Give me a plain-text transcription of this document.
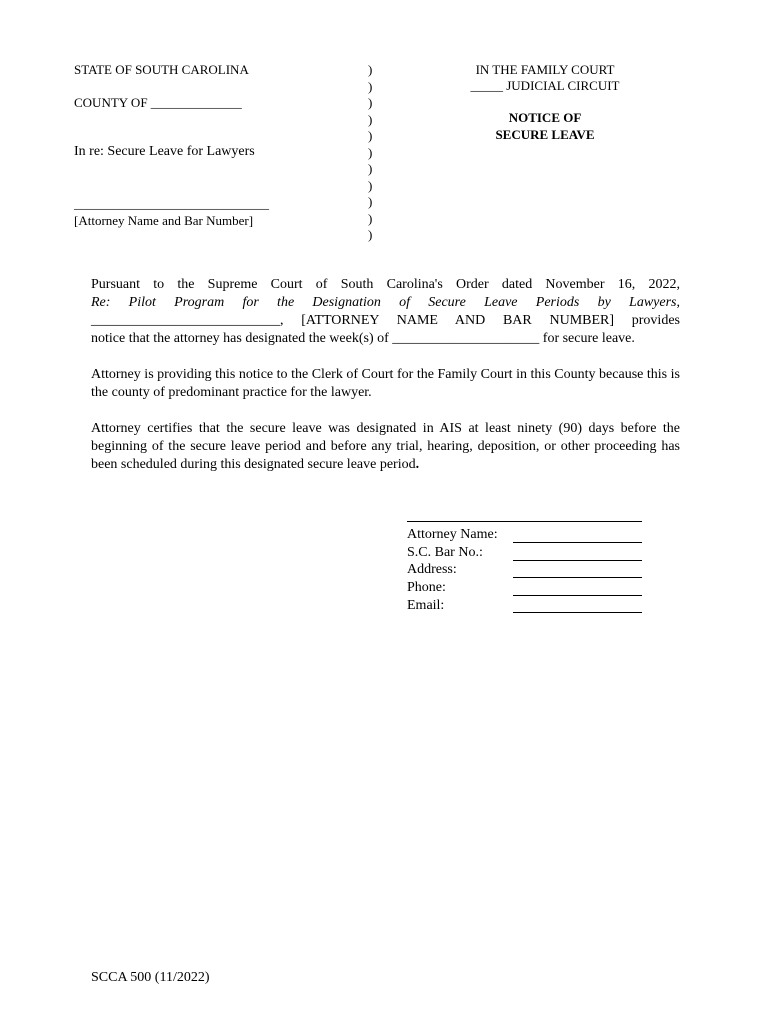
STATE OF SOUTH CAROLINA
COUNTY OF ______________
In re: Secure Leave for Lawyers
______________________________
[Attorney Name and Bar Number]
)
)
)
)
)
)
)
)
)
)
)
IN THE FAMILY COURT
_____ JUDICIAL CIRCUIT
NOTICE OF
SECURE LEAVE
Pursuant to the Supreme Court of South Carolina's Order dated November 16, 2022,
Re: Pilot Program for the Designation of Secure Leave Periods by Lawyers,
___________________________, [ATTORNEY NAME AND BAR NUMBER] provides
notice that the attorney has designated the week(s) of _____________________ for secure leave.
Attorney is providing this notice to the Clerk of Court for the Family Court in this County because this is the county of predominant practice for the lawyer.
Attorney certifies that the secure leave was designated in AIS at least ninety (90) days before the beginning of the secure leave period and before any trial, hearing, deposition, or other proceeding has been scheduled during this designated secure leave period.
Attorney Name:
S.C. Bar No.:
Address:
Phone:
Email:
SCCA 500 (11/2022)
